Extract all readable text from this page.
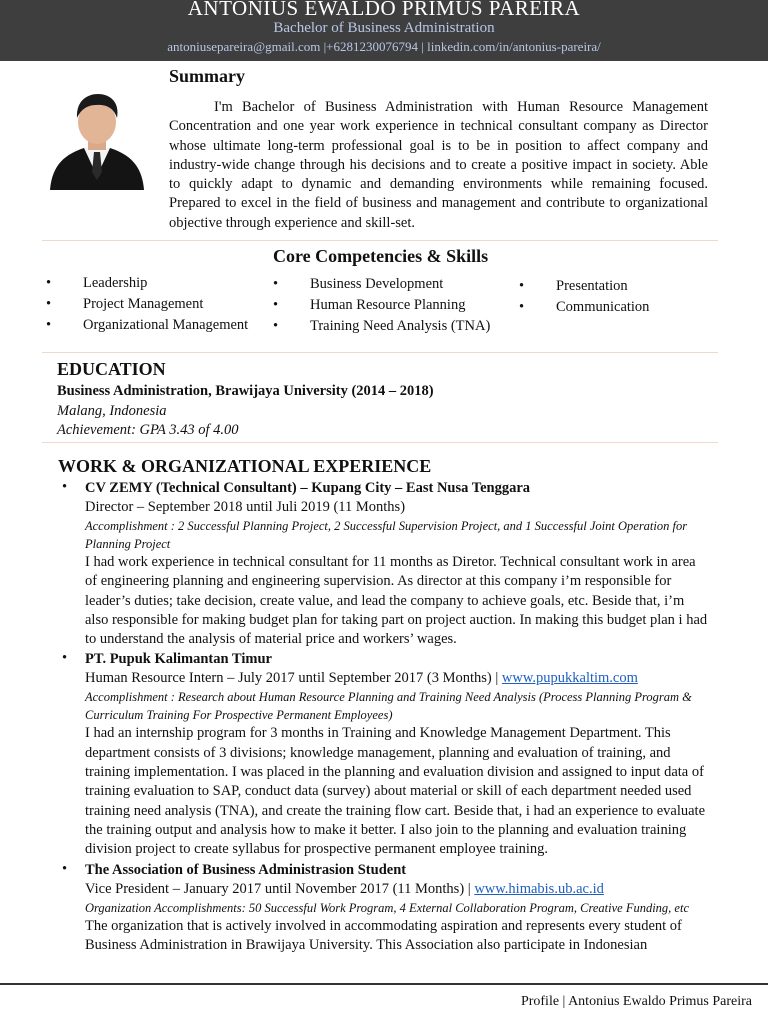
ANTONIUS EWALDO PRIMUS PAREIRA
Bachelor of Business Administration
antoniusepareira@gmail.com |+6281230076794 | linkedin.com/in/antonius-pareira/
Summary

I'm Bachelor of Business Administration with Human Resource Management Concentration and one year work experience in technical consultant company as Director whose ultimate long-term professional goal is to be in position to affect company and industry-wide change through his decisions and to create a positive impact in society. Able to quickly adapt to dynamic and demanding environments while remaining focused. Prepared to excel in the field of business and management and contribute to organizational objective through experience and skill-set.

Core Competencies & Skills
• Leadership
• Project Management
• Organizational Management
• Business Development
• Human Resource Planning
• Training Need Analysis (TNA)
• Presentation
• Communication
EDUCATION
Business Administration, Brawijaya University (2014 – 2018)
Malang, Indonesia
Achievement: GPA 3.43 of 4.00
WORK & ORGANIZATIONAL EXPERIENCE
• CV ZEMY (Technical Consultant) – Kupang City – East Nusa Tenggara
Director – September 2018 until Juli 2019 (11 Months)
Accomplishment : 2 Successful Planning Project, 2 Successful Supervision Project, and 1 Successful Joint Operation for Planning Project

I had work experience in technical consultant for 11 months as Diretor. Technical consultant work in area of engineering planning and engineering supervision. As director at this company i’m responsible for leader’s duties; take decision, create value, and lead the company to achieve goals, etc. Beside that, i’m also responsible for making budget plan for taking part on project auction. In making this budget plan i had to understand the analysis of material price and workers’ wages.

• PT. Pupuk Kalimantan Timur
Human Resource Intern – July 2017 until September 2017 (3 Months) | www.pupukkaltim.com
Accomplishment : Research about Human Resource Planning and Training Need Analysis (Process Planning Program & Curriculum Training For Prospective Permanent Employees)

I had an internship program for 3 months in Training and Knowledge Management Department. This department consists of 3 divisions; knowledge management, planning and evaluation of training, and training implementation. I was placed in the planning and evaluation division and assigned to input data of training evaluation to SAP, conduct data (survey) about material or skill of each department needed used training need analysis (TNA), and create the training flow cart. Beside that, i had an experience to evaluate the training output and analysis how to make it better. I also join to the planning and evaluation training division project to create syllabus for prospective permanent employee training.

• The Association of Business Administrasion Student
Vice President – January 2017 until November 2017 (11 Months) | www.himabis.ub.ac.id
Organization Accomplishments: 50 Successful Work Program, 4 External Collaboration Program, Creative Funding, etc

The organization that is actively involved in accommodating aspiration and represents every student of Business Administration in Brawijaya University. This Association also participate in Indonesian

Profile | Antonius Ewaldo Primus Pareira
